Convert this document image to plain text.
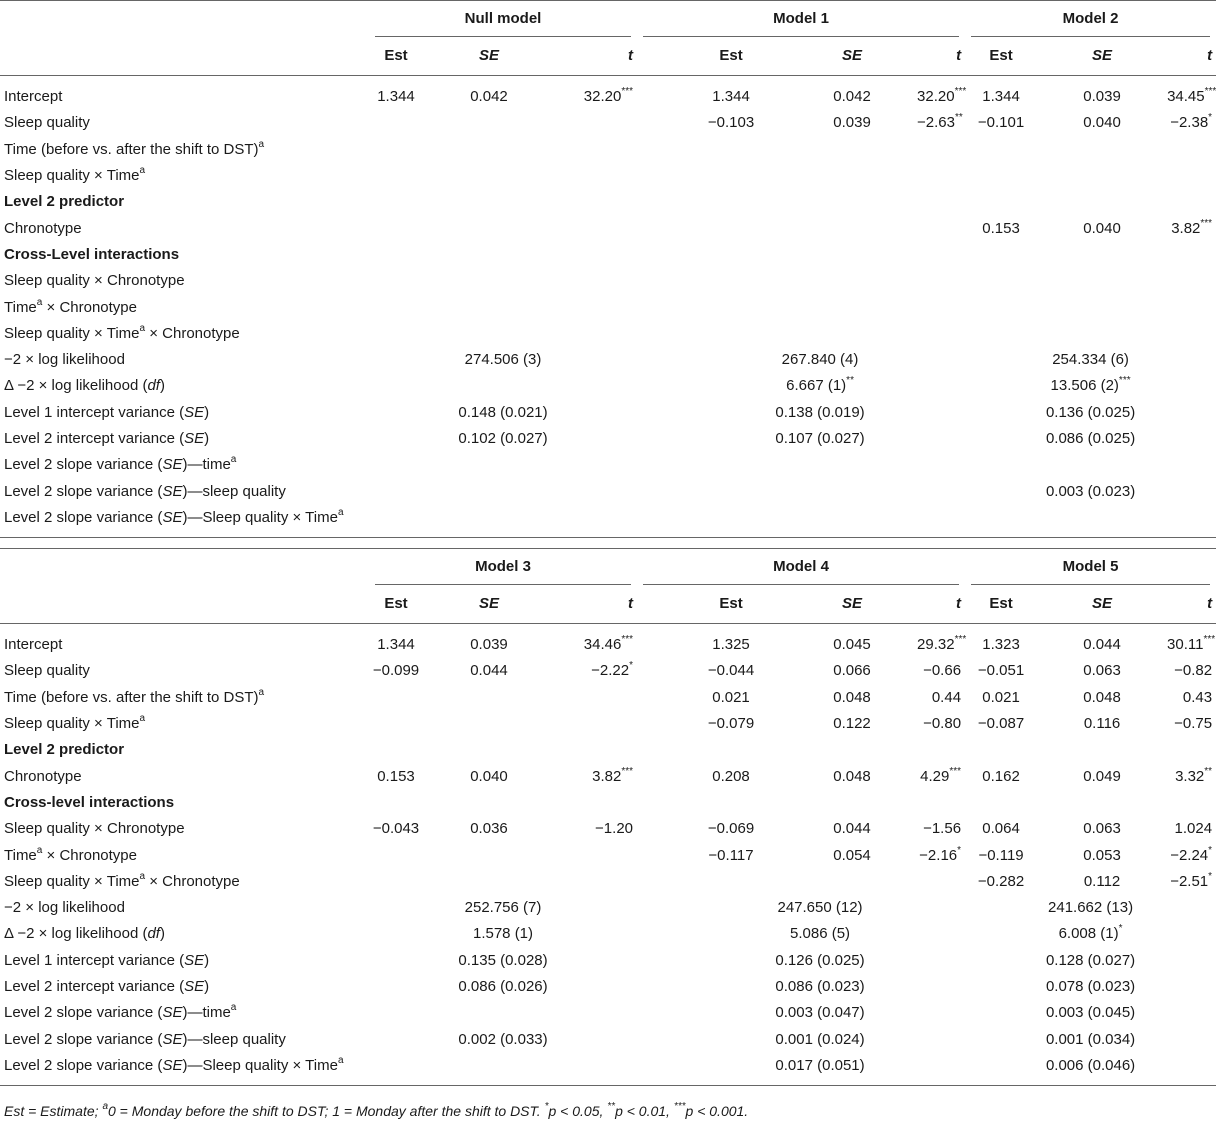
	Null model			Model 1				Model 2		

	Est	SE	t		Est	SE	t	Est	SE	t

Intercept	1.344	0.042	32.20***		1.344	0.042	32.20***	1.344	0.039	34.45***
Sleep quality					−0.103	0.039	−2.63**	−0.101	0.040	−2.38*
Time (before vs. after the shift to DST)$^a$										
Sleep quality × Time$^a$										
Level 2 predictor										
Chronotype								0.153	0.040	3.82***
Cross-Level interactions										
Sleep quality × Chronotype										
Time$^a$ × Chronotype										
Sleep quality × Time$^a$ × Chronotype										
−2 × log likelihood	274.506 (3)				267.840 (4)			254.334 (6)		
Δ −2 × log likelihood (df)					6.667 (1)**			13.506 (2)***
Level 1 intercept variance (SE)	0.148 (0.021)				0.138 (0.019)			0.136 (0.025)		
Level 2 intercept variance (SE)	0.102 (0.027)				0.107 (0.027)			0.086 (0.025)		
Level 2 slope variance (SE)—time$^a$				
Level 2 slope variance (SE)—sleep quality								0.003 (0.023)		
Level 2 slope variance (SE)—Sleep quality × Time$^a$				

	Model 3			Model 4				Model 5		

	Est	SE	t		Est	SE	t	Est	SE	t

Intercept	1.344	0.039	34.46***		1.325	0.045	29.32***	1.323	0.044	30.11***
Sleep quality	−0.099	0.044	−2.22*		−0.044	0.066	−0.66	−0.051	0.063	−0.82
Time (before vs. after the shift to DST)$^a$					0.021	0.048	0.44	0.021	0.048	0.43
Sleep quality × Time$^a$					−0.079	0.122	−0.80	−0.087	0.116	−0.75
Level 2 predictor										
Chronotype	0.153	0.040	3.82***		0.208	0.048	4.29***	0.162	0.049	3.32**
Cross-level interactions										
Sleep quality × Chronotype	−0.043	0.036	−1.20		−0.069	0.044	−1.56	0.064	0.063	1.024
Time$^a$ × Chronotype					−0.117	0.054	−2.16*	−0.119	0.053	−2.24*
Sleep quality × Time$^a$ × Chronotype								−0.282	0.112	−2.51*
−2 × log likelihood	252.756 (7)				247.650 (12)			241.662 (13)		
Δ −2 × log likelihood (df)	1.578 (1)				5.086 (5)			6.008 (1)*
Level 1 intercept variance (SE)	0.135 (0.028)				0.126 (0.025)			0.128 (0.027)		
Level 2 intercept variance (SE)	0.086 (0.026)				0.086 (0.023)			0.078 (0.023)		
Level 2 slope variance (SE)—time$^a$					0.003 (0.047)			0.003 (0.045)		
Level 2 slope variance (SE)—sleep quality	0.002 (0.033)				0.001 (0.024)			0.001 (0.034)		
Level 2 slope variance (SE)—Sleep quality × Time$^a$					0.017 (0.051)			0.006 (0.046)		

Est = Estimate; $^a$0 = Monday before the shift to DST; 1 = Monday after the shift to DST. *p < 0.05, **p < 0.01, ***p < 0.001.
